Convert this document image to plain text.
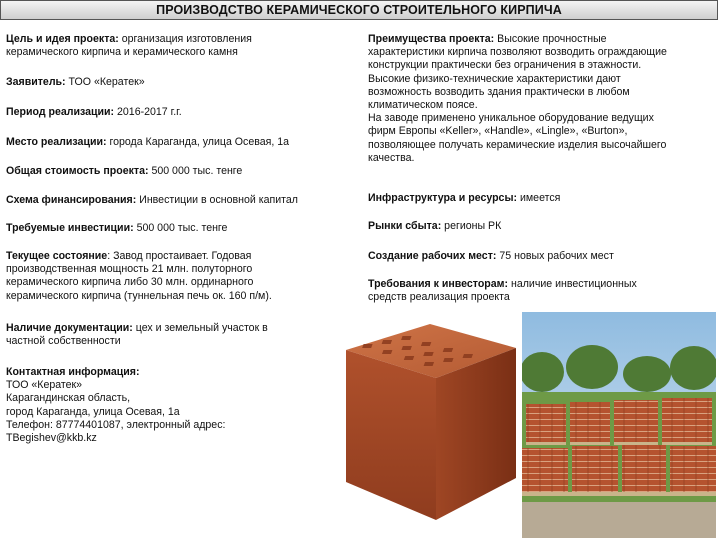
ПРОИЗВОДСТВО КЕРАМИЧЕСКОГО СТРОИТЕЛЬНОГО КИРПИЧА
Цель и идея проекта: организация изготовления
керамического кирпича и керамического камня
Заявитель: ТОО «Кератек»
Период реализации: 2016-2017 г.г.
Место реализации: города Караганда, улица Осевая, 1а
Общая стоимость проекта: 500 000 тыс. тенге
Схема финансирования: Инвестиции в основной капитал
Требуемые инвестиции: 500 000 тыс. тенге
Текущее состояние: Завод простаивает. Годовая
производственная мощность 21 млн. полуторного
керамического кирпича либо 30 млн. ординарного
керамического кирпича (туннельная печь ок. 160 п/м).
Наличие документации: цех и земельный участок в
частной собственности
Контактная информация:
ТОО «Кератек»
Карагандинская область,
город Караганда, улица Осевая, 1а
Телефон: 87774401087, электронный адрес:
TBegishev@kkb.kz
Преимущества проекта: Высокие прочностные
характеристики кирпича позволяют возводить ограждающие
конструкции практически без ограничения в этажности.
Высокие физико-технические характеристики дают
возможность возводить здания практически в любом
климатическом поясе.
На заводе применено уникальное оборудование ведущих
фирм Европы «Keller», «Handle», «Lingle», «Burton»,
позволяющее получать керамические изделия высочайшего
качества.
Инфраструктура и ресурсы: имеется
Рынки сбыта: регионы РК
Создание рабочих мест: 75 новых рабочих мест
Требования к инвесторам: наличие инвестиционных
средств реализация проекта
